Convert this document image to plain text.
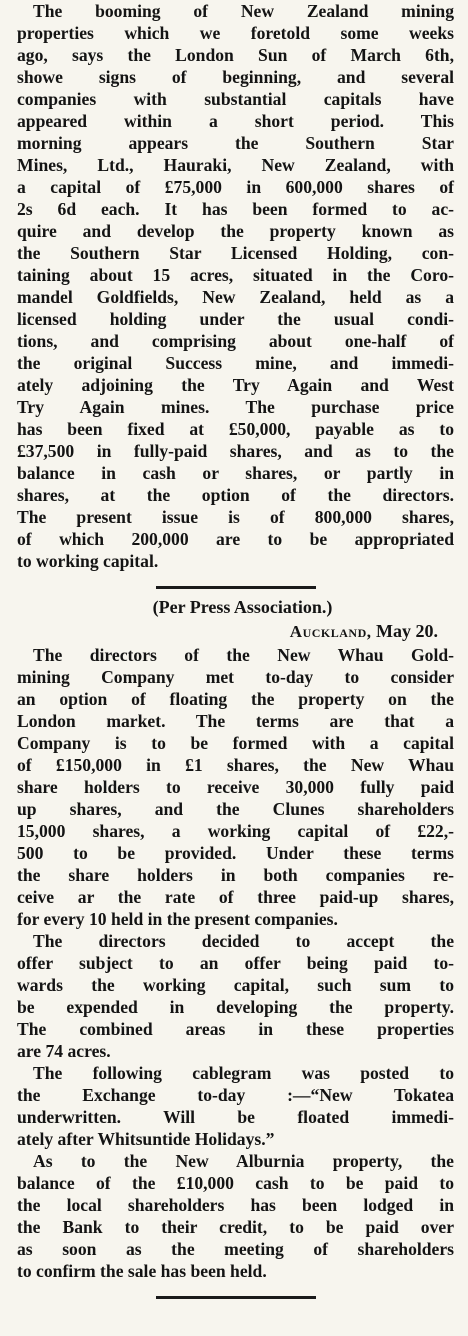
The booming of New Zealand mining
properties which we foretold some weeks
ago, says the London Sun of March 6th,
showe signs of beginning, and several
companies with substantial capitals have
appeared within a short period. This
morning appears the Southern Star
Mines, Ltd., Hauraki, New Zealand, with
a capital of £75,000 in 600,000 shares of
2s 6d each. It has been formed to ac-
quire and develop the property known as
the Southern Star Licensed Holding, con-
taining about 15 acres, situated in the Coro-
mandel Goldfields, New Zealand, held as a
licensed holding under the usual condi-
tions, and comprising about one-half of
the original Success mine, and immedi-
ately adjoining the Try Again and West
Try Again mines. The purchase price
has been fixed at £50,000, payable as to
£37,500 in fully-paid shares, and as to the
balance in cash or shares, or partly in
shares, at the option of the directors.
The present issue is of 800,000 shares,
of which 200,000 are to be appropriated
to working capital.

(Per Press Association.)

Auckland, May 20.

The directors of the New Whau Gold-
mining Company met to-day to consider
an option of floating the property on the
London market. The terms are that a
Company is to be formed with a capital
of £150,000 in £1 shares, the New Whau
share holders to receive 30,000 fully paid
up shares, and the Clunes shareholders
15,000 shares, a working capital of £22,-
500 to be provided. Under these terms
the share holders in both companies re-
ceive ar the rate of three paid-up shares,
for every 10 held in the present companies.
The directors decided to accept the
offer subject to an offer being paid to-
wards the working capital, such sum to
be expended in developing the property.
The combined areas in these properties
are 74 acres.
The following cablegram was posted to
the Exchange to-day :—“New Tokatea
underwritten. Will be floated immedi-
ately after Whitsuntide Holidays.”
As to the New Alburnia property, the
balance of the £10,000 cash to be paid to
the local shareholders has been lodged in
the Bank to their credit, to be paid over
as soon as the meeting of shareholders
to confirm the sale has been held.
